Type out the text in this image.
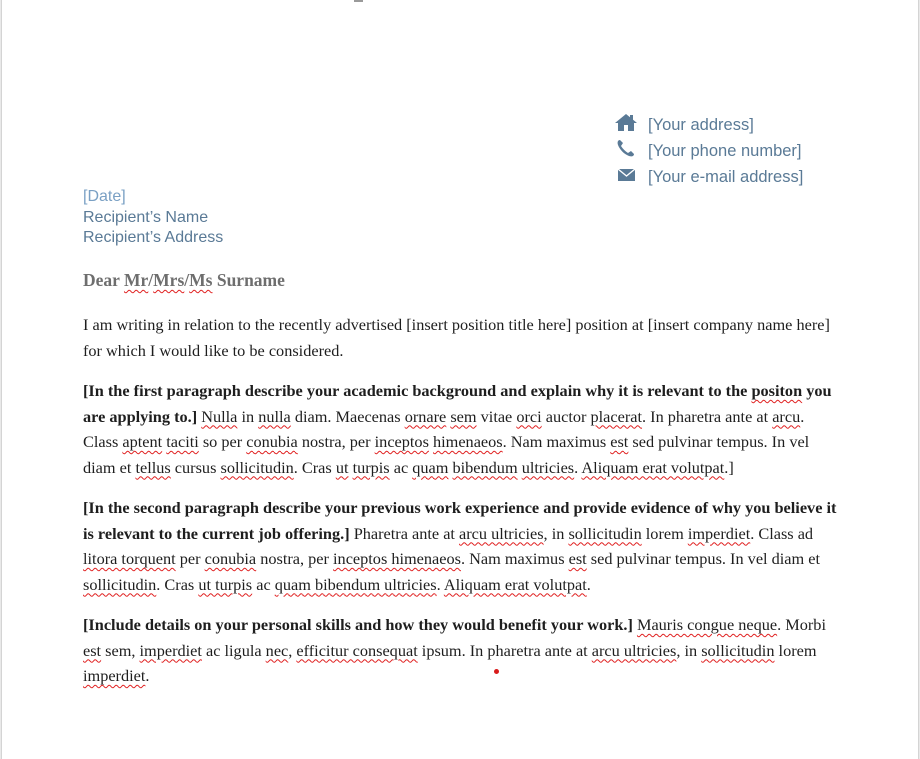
[Your address]
[Your phone number]
[Your e-mail address]
[Date]
Recipient’s Name
Recipient’s Address
Dear Mr/Mrs/Ms Surname

I am writing in relation to the recently advertised [insert position title here] position at [insert company name here] for which I would like to be considered.

[In the first paragraph describe your academic background and explain why it is relevant to the positon you are applying to.] Nulla in nulla diam. Maecenas ornare sem vitae orci auctor placerat. In pharetra ante at arcu. Class aptent taciti so per conubia nostra, per inceptos himenaeos. Nam maximus est sed pulvinar tempus. In vel diam et tellus cursus sollicitudin. Cras ut turpis ac quam bibendum ultricies. Aliquam erat volutpat.]

[In the second paragraph describe your previous work experience and provide evidence of why you believe it is relevant to the current job offering.] Pharetra ante at arcu ultricies, in sollicitudin lorem imperdiet. Class ad litora torquent per conubia nostra, per inceptos himenaeos. Nam maximus est sed pulvinar tempus. In vel diam et sollicitudin. Cras ut turpis ac quam bibendum ultricies. Aliquam erat volutpat.

[Include details on your personal skills and how they would benefit your work.] Mauris congue neque. Morbi est sem, imperdiet ac ligula nec, efficitur consequat ipsum. In pharetra ante at arcu ultricies, in sollicitudin lorem imperdiet.
